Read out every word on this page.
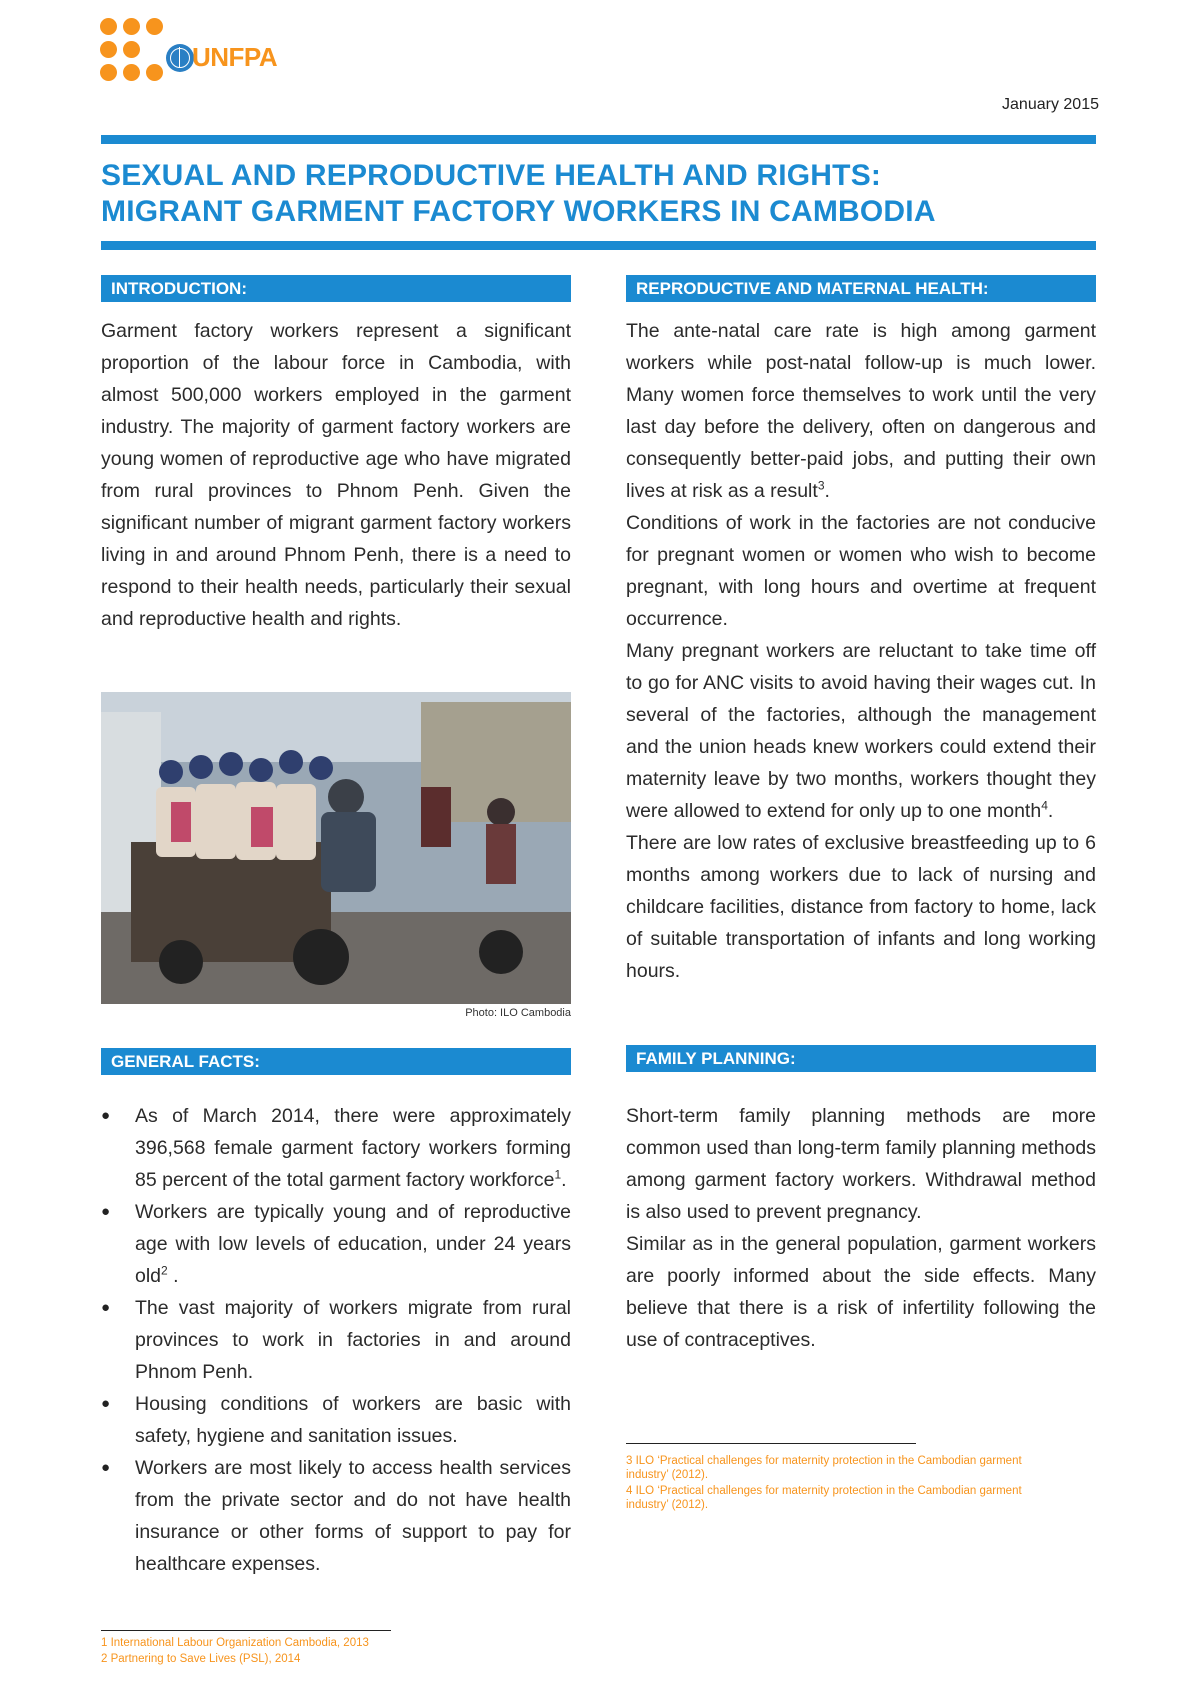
UNFPA
January 2015
SEXUAL AND REPRODUCTIVE HEALTH AND RIGHTS:
MIGRANT GARMENT FACTORY WORKERS IN CAMBODIA
INTRODUCTION:

Garment factory workers represent a significant proportion of the labour force in Cambodia, with almost 500,000 workers employed in the garment industry. The majority of garment factory workers are young women of reproductive age who have migrated from rural provinces to Phnom Penh. Given the significant number of migrant garment factory workers living in and around Phnom Penh, there is a need to respond to their health needs, particularly their sexual and reproductive health and rights.

Photo: ILO Cambodia
GENERAL FACTS:
● As of March 2014, there were approximately 396,568 female garment factory workers forming 85 percent of the total garment factory workforce$^1$.
● Workers are typically young and of reproductive age with low levels of education, under 24 years old$^2$ .
● The vast majority of workers migrate from rural provinces to work in factories in and around Phnom Penh.
● Housing conditions of workers are basic with safety, hygiene and sanitation issues.
● Workers are most likely to access health services from the private sector and do not have health insurance or other forms of support to pay for healthcare expenses.
1 International Labour Organization Cambodia, 2013
2 Partnering to Save Lives (PSL), 2014
REPRODUCTIVE AND MATERNAL HEALTH:

The ante-natal care rate is high among garment workers while post-natal follow-up is much lower. Many women force themselves to work until the very last day before the delivery, often on dangerous and consequently better-paid jobs, and putting their own lives at risk as a result$^3$.

Conditions of work in the factories are not conducive for pregnant women or women who wish to become pregnant, with long hours and overtime at frequent occurrence.

Many pregnant workers are reluctant to take time off to go for ANC visits to avoid having their wages cut. In several of the factories, although the management and the union heads knew workers could extend their maternity leave by two months, workers thought they were allowed to extend for only up to one month$^4$.

There are low rates of exclusive breastfeeding up to 6 months among workers due to lack of nursing and childcare facilities, distance from factory to home, lack of suitable transportation of infants and long working hours.

FAMILY PLANNING:

Short-term family planning methods are more common used than long-term family planning methods among garment factory workers. Withdrawal method is also used to prevent pregnancy.

Similar as in the general population, garment workers are poorly informed about the side effects. Many believe that there is a risk of infertility following the use of contraceptives.

3 ILO ‘Practical challenges for maternity protection in the Cambodian garment industry’ (2012).
4 ILO ‘Practical challenges for maternity protection in the Cambodian garment industry’ (2012).
